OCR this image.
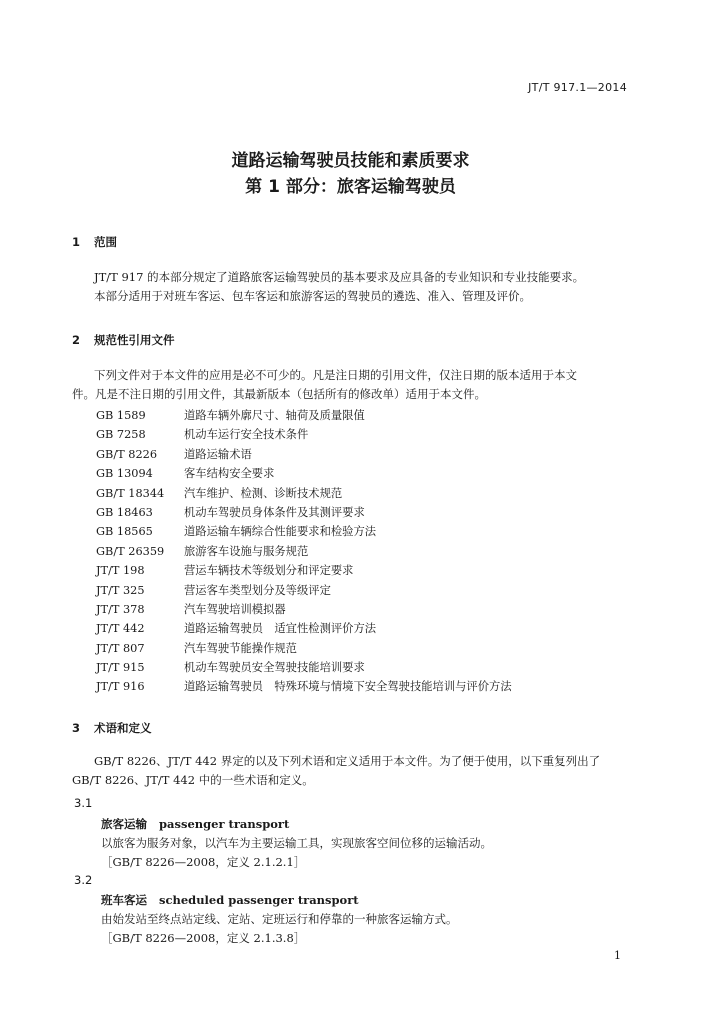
JT/T 917.1—2014
道路运输驾驶员技能和素质要求
第 1 部分：旅客运输驾驶员
1 范围
JT/T 917 的本部分规定了道路旅客运输驾驶员的基本要求及应具备的专业知识和专业技能要求。
本部分适用于对班车客运、包车客运和旅游客运的驾驶员的遴选、准入、管理及评价。
2 规范性引用文件
下列文件对于本文件的应用是必不可少的。凡是注日期的引用文件，仅注日期的版本适用于本文
件。凡是不注日期的引用文件，其最新版本（包括所有的修改单）适用于本文件。
GB 1589	道路车辆外廓尺寸、轴荷及质量限值
GB 7258	机动车运行安全技术条件
GB/T 8226 道路运输术语
GB 13094	客车结构安全要求
GB/T 18344 汽车维护、检测、诊断技术规范
GB 18463	机动车驾驶员身体条件及其测评要求
GB 18565	道路运输车辆综合性能要求和检验方法
GB/T 26359 旅游客车设施与服务规范
JT/T 198	营运车辆技术等级划分和评定要求
JT/T 325	营运客车类型划分及等级评定
JT/T 378	汽车驾驶培训模拟器
JT/T 442	道路运输驾驶员　适宜性检测评价方法
JT/T 807	汽车驾驶节能操作规范
JT/T 915	机动车驾驶员安全驾驶技能培训要求
JT/T 916	道路运输驾驶员　特殊环境与情境下安全驾驶技能培训与评价方法
3 术语和定义
GB/T 8226、JT/T 442 界定的以及下列术语和定义适用于本文件。为了便于使用，以下重复列出了
GB/T 8226、JT/T 442 中的一些术语和定义。
3.1
旅客运输 passenger transport
以旅客为服务对象，以汽车为主要运输工具，实现旅客空间位移的运输活动。
［GB/T 8226—2008，定义 2.1.2.1］
3.2
班车客运 scheduled passenger transport
由始发站至终点站定线、定站、定班运行和停靠的一种旅客运输方式。
［GB/T 8226—2008，定义 2.1.3.8］
1
